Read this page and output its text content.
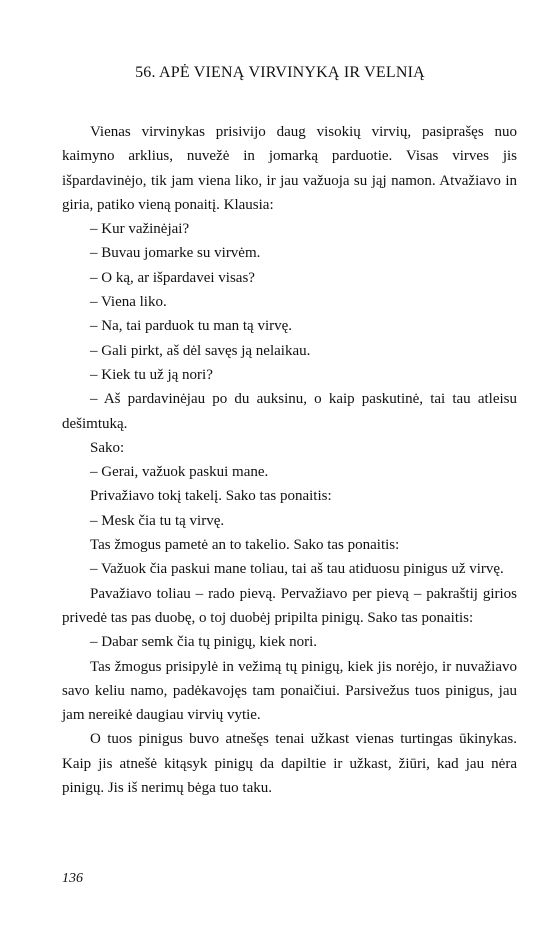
56. APĖ VIENĄ VIRVINYKĄ IR VELNIĄ

Vienas virvinykas prisivijo daug visokių virvių, pasiprašęs nuo kaimyno arklius, nuvežė in jomarką parduotie. Visas virves jis išpardavinėjo, tik jam viena liko, ir jau važuoja su jąj namon. Atvažiavo in giria, patiko vieną ponaitį. Klausia:

– Kur važinėjai?

– Buvau jomarke su virvėm.

– O ką, ar išpardavei visas?

– Viena liko.

– Na, tai parduok tu man tą virvę.

– Gali pirkt, aš dėl savęs ją nelaikau.

– Kiek tu už ją nori?

– Aš pardavinėjau po du auksinu, o kaip paskutinė, tai tau atleisu dešimtuką.

Sako:

– Gerai, važuok paskui mane.

Privažiavo tokį takelį. Sako tas ponaitis:

– Mesk čia tu tą virvę.

Tas žmogus pametė an to takelio. Sako tas ponaitis:

– Važuok čia paskui mane toliau, tai aš tau atiduosu pinigus už virvę.

Pavažiavo toliau – rado pievą. Pervažiavo per pievą – pakraštij girios privedė tas pas duobę, o toj duobėj pripilta pinigų. Sako tas ponaitis:

– Dabar semk čia tų pinigų, kiek nori.

Tas žmogus prisipylė in vežimą tų pinigų, kiek jis norėjo, ir nuvažiavo savo keliu namo, padėkavojęs tam ponaičiui. Parsivežus tuos pinigus, jau jam nereikė daugiau virvių vytie.

O tuos pinigus buvo atnešęs tenai užkast vienas turtingas ūkinykas. Kaip jis atnešė kitąsyk pinigų da dapiltie ir užkast, žiūri, kad jau nėra pinigų. Jis iš nerimų bėga tuo taku.

136
